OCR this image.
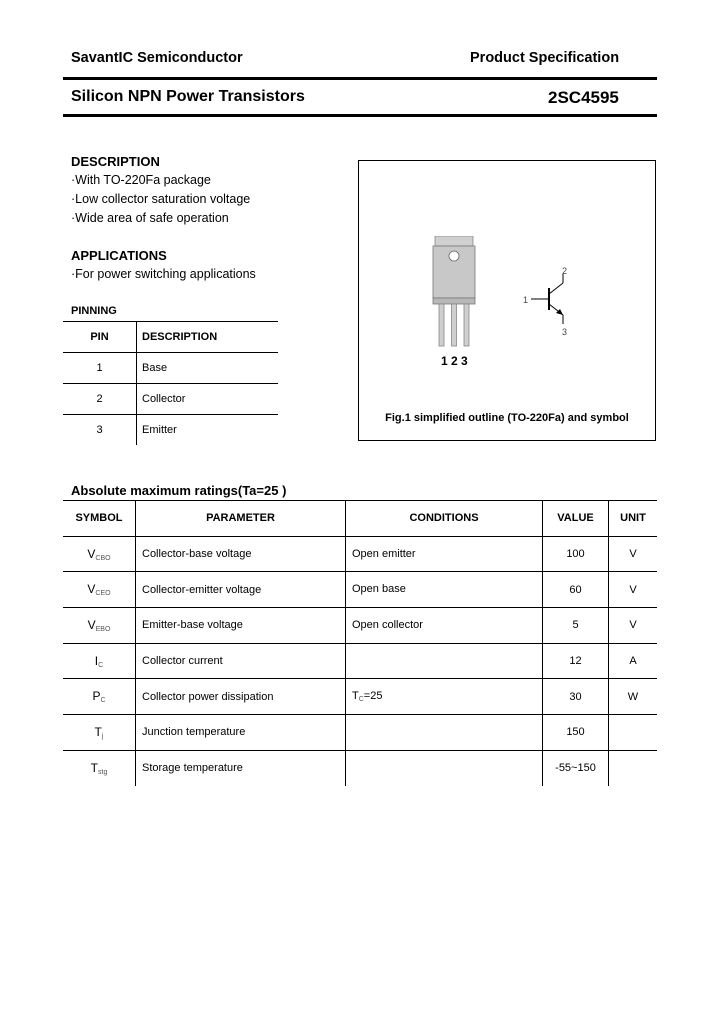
SavantIC Semiconductor	Product Specification
Silicon NPN Power Transistors	2SC4595
DESCRIPTION
·With TO-220Fa package
·Low collector saturation voltage
·Wide area of safe operation
APPLICATIONS
·For power switching applications
PINNING
PIN	DESCRIPTION
1	Base
2	Collector
3	Emitter
1 2 3
2
1
3
Fig.1 simplified outline (TO-220Fa) and symbol
Absolute maximum ratings(Ta=25 )
SYMBOL	PARAMETER	CONDITIONS	VALUE	UNIT
$V_{CBO}$	Collector-base voltage	Open emitter	100	V
$V_{CEO}$	Collector-emitter voltage	Open base	60	V
$V_{EBO}$	Emitter-base voltage	Open collector	5	V
$I_C$	Collector current		12	A
$P_C$	Collector power dissipation	$T_C=25$	30	W
$T_j$	Junction temperature		150	
$T_{stg}$	Storage temperature		-55~150	
